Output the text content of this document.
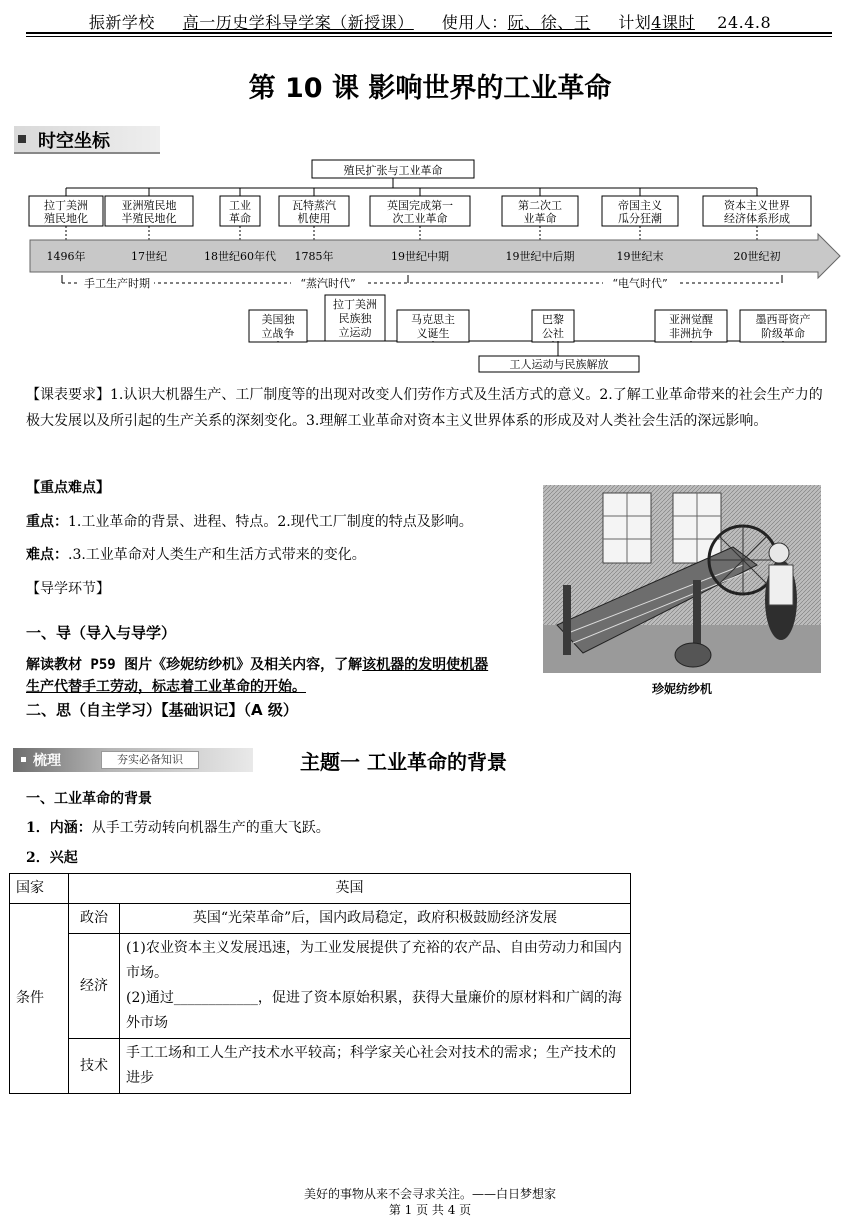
振新学校 高一历史学科导学案（新授课） 使用人：阮、徐、王 计划4课时 24.4.8
第 10 课 影响世界的工业革命
时空坐标
殖民扩张与工业革命
拉丁美洲
殖民地化
亚洲殖民地
半殖民地化
工业
革命
瓦特蒸汽
机使用
英国完成第一
次工业革命
第二次工
业革命
帝国主义
瓜分狂潮
资本主义世界
经济体系形成
1496年	17世纪	18世纪60年代 1785年	19世纪中期	19世纪中后期	19世纪末	20世纪初
手工生产时期	“蒸汽时代”	“电气时代”
美国独
立战争
拉丁美洲
民族独
立运动
马克思主
义诞生
巴黎
公社
亚洲觉醒
非洲抗争
墨西哥资产
阶级革命
工人运动与民族解放
【课表要求】1.认识大机器生产、工厂制度等的出现对改变人们劳作方式及生活方式的意义。2.了解工业革命带来的社会生产力的极大发展以及所引起的生产关系的深刻变化。3.理解工业革命对资本主义世界体系的形成及对人类社会生活的深远影响。
【重点难点】
重点：1.工业革命的背景、进程、特点。2.现代工厂制度的特点及影响。
难点：.3.工业革命对人类生产和生活方式带来的变化。
【导学环节】
一、导（导入与导学）
解读教材 P59 图片《珍妮纺纱机》及相关内容，了解该机器的发明使机器生产代替手工劳动，标志着工业革命的开始。
二、思（自主学习）【基础识记】（A 级）
珍妮纺纱机
梳理	夯实必备知识	主题一 工业革命的背景
一、工业革命的背景
1．内涵：从手工劳动转向机器生产的重大飞跃。
2．兴起
国家	英国	
条件	政治	英国“光荣革命”后，国内政局稳定，政府积极鼓励经济发展
	经济	(1)农业资本主义发展迅速，为工业发展提供了充裕的农产品、自由劳动力和国内市场。
(2)通过____________，促进了资本原始积累，获得大量廉价的原材料和广阔的海外市场

	技术	手工工场和工人生产技术水平较高；科学家关心社会对技术的需求；生产技术的进步
美好的事物从来不会寻求关注。——白日梦想家
第 1 页 共 4 页
